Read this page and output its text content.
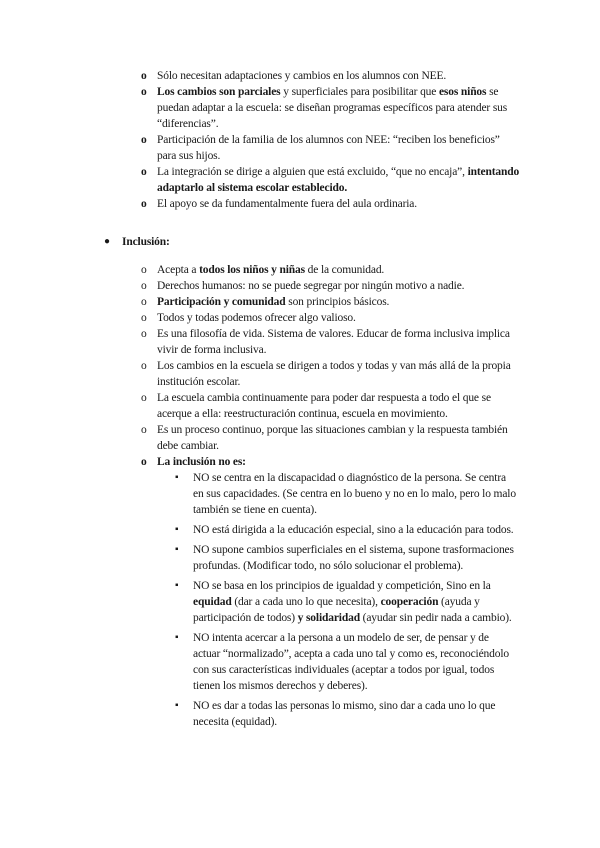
o Sólo necesitan adaptaciones y cambios en los alumnos con NEE.
o Los cambios son parciales y superficiales para posibilitar que esos niños se puedan adaptar a la escuela: se diseñan programas específicos para atender sus “diferencias”.
o Participación de la familia de los alumnos con NEE: “reciben los beneficios” para sus hijos.
o La integración se dirige a alguien que está excluido, “que no encaja”, intentando adaptarlo al sistema escolar establecido.
o El apoyo se da fundamentalmente fuera del aula ordinaria.
● Inclusión:
o Acepta a todos los niños y niñas de la comunidad.
o Derechos humanos: no se puede segregar por ningún motivo a nadie.
o Participación y comunidad son principios básicos.
o Todos y todas podemos ofrecer algo valioso.
o Es una filosofía de vida. Sistema de valores. Educar de forma inclusiva implica vivir de forma inclusiva.
o Los cambios en la escuela se dirigen a todos y todas y van más allá de la propia institución escolar.
o La escuela cambia continuamente para poder dar respuesta a todo el que se acerque a ella: reestructuración continua, escuela en movimiento.
o Es un proceso continuo, porque las situaciones cambian y la respuesta también debe cambiar.
o La inclusión no es:
▪ NO se centra en la discapacidad o diagnóstico de la persona. Se centra en sus capacidades. (Se centra en lo bueno y no en lo malo, pero lo malo también se tiene en cuenta).
▪ NO está dirigida a la educación especial, sino a la educación para todos.
▪ NO supone cambios superficiales en el sistema, supone trasformaciones profundas. (Modificar todo, no sólo solucionar el problema).
▪ NO se basa en los principios de igualdad y competición, Sino en la equidad (dar a cada uno lo que necesita), cooperación (ayuda y participación de todos) y solidaridad (ayudar sin pedir nada a cambio).
▪ NO intenta acercar a la persona a un modelo de ser, de pensar y de actuar “normalizado”, acepta a cada uno tal y como es, reconociéndolo con sus características individuales (aceptar a todos por igual, todos tienen los mismos derechos y deberes).
▪ NO es dar a todas las personas lo mismo, sino dar a cada uno lo que necesita (equidad).
